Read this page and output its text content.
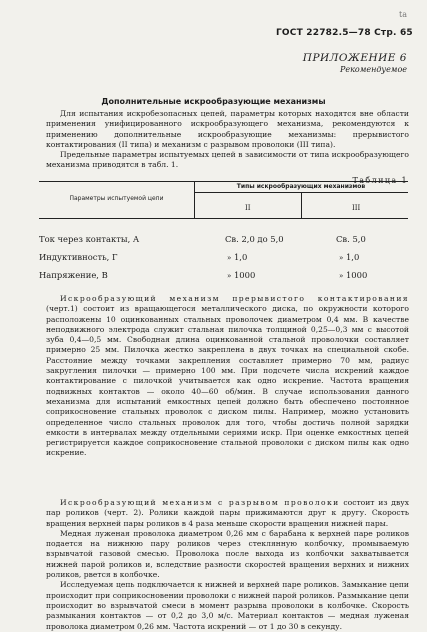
ta
ГОСТ 22782.5—78 Стр. 65
ПРИЛОЖЕНИЕ 6
Рекомендуемое
Дополнительные искрообразующие механизмы

Для испытания искробезопасных цепей, параметры которых находятся вне области применения унифицированного искрообразующего механизма, рекомендуются к применению дополнительные искрообразующие механизмы: прерывистого контактирования (II типа) и механизм с разрывом проволоки (III типа).

Предельные параметры испытуемых цепей в зависимости от типа искрообразующего механизма приводятся в табл. 1.

Таблица 1
Параметры испытуемой цепи
Типы искрообразующих механизмов
II	III
Ток через контакты, А	Св. 2,0 до 5,0	Св. 5,0
Индуктивность, Г	» 1,0	» 1,0
Напряжение, В	» 1000	» 1000

Искрообразующий механизм прерывистого контактирования (черт.1) состоит из вращающегося металлического диска, по окружности которого расположены 10 оцинкованных стальных проволочек диаметром 0,4 мм. В качестве неподвижного электрода служит стальная пилочка толщиной 0,25—0,3 мм с высотой зуба 0,4—0,5 мм. Свободная длина оцинкованной стальной проволочки составляет примерно 25 мм. Пилочка жестко закреплена в двух точках на специальной скобе. Расстояние между точками закрепления составляет примерно 70 мм, радиус закругления пилочки — примерно 100 мм. При подсчете числа искрений каждое контактирование с пилочкой учитывается как одно искрение. Частота вращения подвижных контактов — около 40—60 об/мин. В случае использования данного механизма для испытаний емкостных цепей должно быть обеспечено постоянное соприкосновение стальных проволок с диском пилы. Например, можно установить определенное число стальных проволок для того, чтобы достичь полной зарядки емкости в интервалах между отдельными сериями искр. При оценке емкостных цепей регистрируется каждое соприкосновение стальной проволоки с диском пилы как одно искрение.

Искрообразующий механизм с разрывом проволоки состоит из двух пар роликов (черт. 2). Ролики каждой пары прижимаются друг к другу. Скорость вращения верхней пары роликов в 4 раза меньше скорости вращения нижней пары.

Медная луженая проволока диаметром 0,26 мм с барабана к верхней паре роликов подается на нижнюю пару роликов через стеклянную колбочку, промываемую взрывчатой газовой смесью. Проволока после выхода из колбочки захватывается нижней парой роликов и, вследствие разности скоростей вращения верхних и нижних роликов, рвется в колбочке.

Исследуемая цепь подключается к нижней и верхней паре роликов. Замыкание цепи происходит при соприкосновении проволоки с нижней парой роликов. Размыкание цепи происходит во взрывчатой смеси в момент разрыва проволоки в колбочке. Скорость размыкания контактов — от 0,2 до 3,0 м/с. Материал контактов — медная луженая проволока диаметром 0,26 мм. Частота искрений — от 1 до 30 в секунду.
